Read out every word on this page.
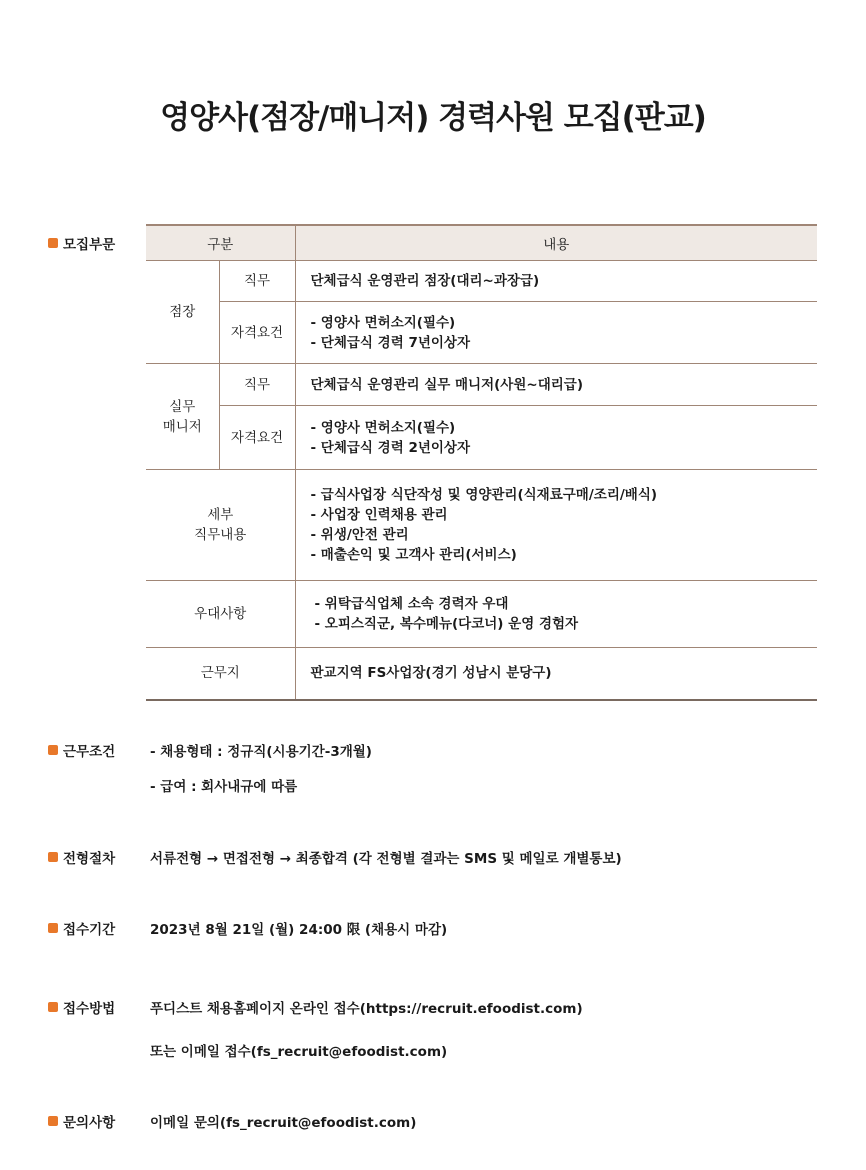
영양사(점장/매니저) 경력사원 모집(판교)
모집부문	구분		내용
점장	직무	단체급식 운영관리 점장(대리~과장급)
	자격요건	- 영양사 면허소지(필수)
- 단체급식 경력 7년이상자

실무
매니저	직무	단체급식 운영관리 실무 매니저(사원~대리급)
	자격요건	- 영양사 면허소지(필수)
- 단체급식 경력 2년이상자

세부
직무내용		- 급식사업장 식단작성 및 영양관리(식재료구매/조리/배식)
- 사업장 인력채용 관리
- 위생/안전 관리
- 매출손익 및 고객사 관리(서비스)

우대사항		- 위탁급식업체 소속 경력자 우대
- 오피스직군, 복수메뉴(다코너) 운영 경험자

근무지		판교지역 FS사업장(경기 성남시 분당구)
근무조건	- 채용형태 : 정규직(시용기간-3개월)
- 급여 : 회사내규에 따름
전형절차	서류전형 → 면접전형 → 최종합격 (각 전형별 결과는 SMS 및 메일로 개별통보)
접수기간	2023년 8월 21일 (월) 24:00 限 (채용시 마감)
접수방법	푸디스트 채용홈페이지 온라인 접수(https://recruit.efoodist.com)
또는 이메일 접수(fs_recruit@efoodist.com)
문의사항	이메일 문의(fs_recruit@efoodist.com)
